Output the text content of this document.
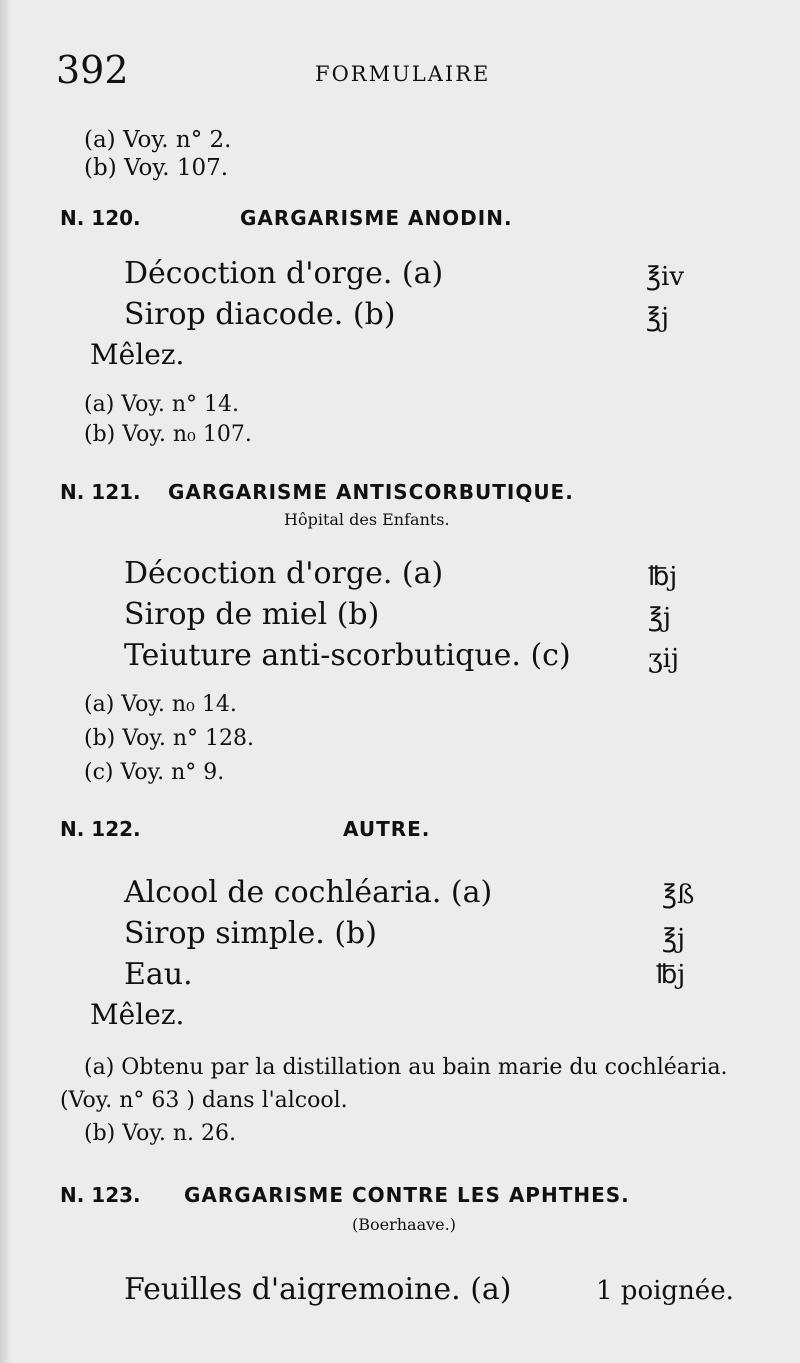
392	FORMULAIRE
(a) Voy. n° 2.
(b) Voy. 107.
N. 120.	GARGARISME ANODIN.
Décoction d'orge. (a)	℥iv
Sirop diacode. (b)	℥j
Mêlez.
(a) Voy. n° 14.
(b) Voy. n₀ 107.
N. 121. GARGARISME ANTISCORBUTIQUE.
Hôpital des Enfants.
Décoction d'orge. (a)	℔j
Sirop de miel (b)	℥j
Teiuture anti-scorbutique. (c)	ʒij
(a) Voy. n₀ 14.
(b) Voy. n° 128.
(c) Voy. n° 9.
N. 122.	AUTRE.
Alcool de cochléaria. (a)	℥ß
Sirop simple. (b)	℥j
Eau.	℔j
Mêlez.
(a) Obtenu par la distillation au bain marie du cochléaria.
(Voy. n° 63 ) dans l'alcool.
(b) Voy. n. 26.
N. 123. GARGARISME CONTRE LES APHTHES.
(Boerhaave.)
Feuilles d'aigremoine. (a)	1 poignée.
